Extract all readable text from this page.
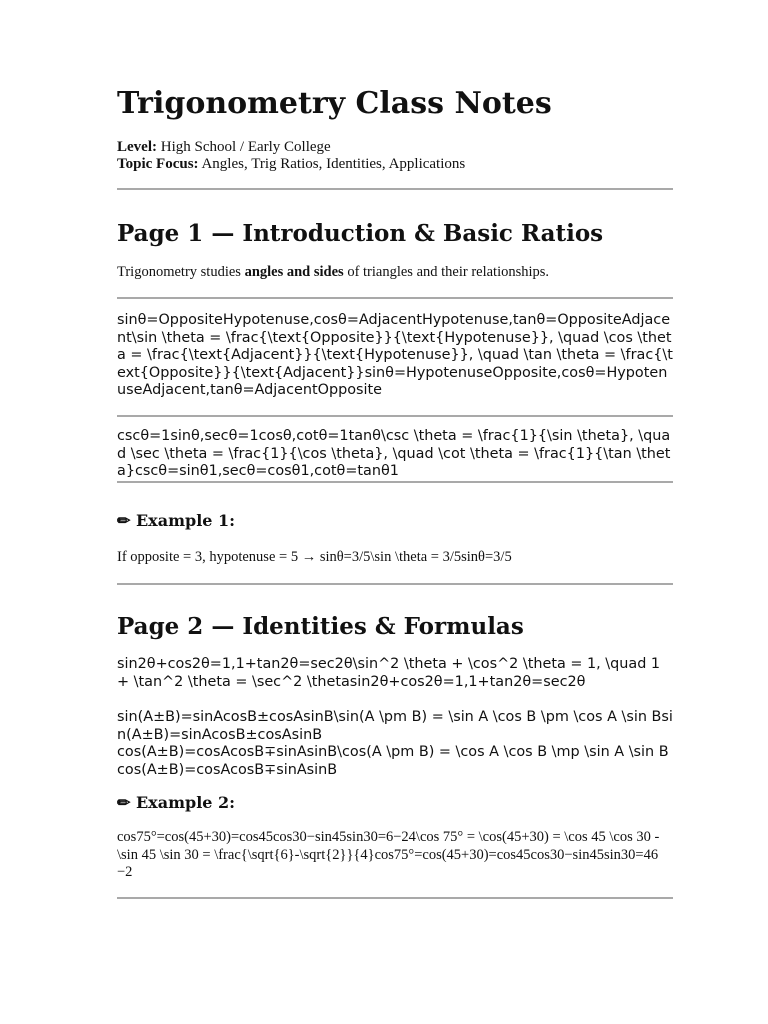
Trigonometry Class Notes
Level: High School / Early College
Topic Focus: Angles, Trig Ratios, Identities, Applications
Page 1 — Introduction & Basic Ratios
Trigonometry studies angles and sides of triangles and their relationships.
sinθ=OppositeHypotenuse,cosθ=AdjacentHypotenuse,tanθ=OppositeAdjacent\sin \theta = \frac{\text{Opposite}}{\text{Hypotenuse}}, \quad \cos \theta = \frac{\text{Adjacent}}{\text{Hypotenuse}}, \quad \tan \theta = \frac{\text{Opposite}}{\text{Adjacent}}sinθ=HypotenuseOpposite​,cosθ=HypotenuseAdjacent​,tanθ=AdjacentOpposite​
cscθ=1sinθ,secθ=1cosθ,cotθ=1tanθ\csc \theta = \frac{1}{\sin \theta}, \quad \sec \theta = \frac{1}{\cos \theta}, \quad \cot \theta = \frac{1}{\tan \theta}cscθ=sinθ1​,secθ=cosθ1​,cotθ=tanθ1​
✏ Example 1:
If opposite = 3, hypotenuse = 5 → sinθ=3/5\sin \theta = 3/5sinθ=3/5
Page 2 — Identities & Formulas
sin2θ+cos2θ=1,1+tan2θ=sec2θ\sin^2 \theta + \cos^2 \theta = 1, \quad 1 + \tan^2 \theta = \sec^2 \thetasin2θ+cos2θ=1,1+tan2θ=sec2θ
sin(A±B)=sinAcosB±cosAsinB\sin(A \pm B) = \sin A \cos B \pm \cos A \sin Bsin(A±B)=sinAcosB±cosAsinB
cos(A±B)=cosAcosB∓sinAsinB\cos(A \pm B) = \cos A \cos B \mp \sin A \sin Bcos(A±B)=cosAcosB∓sinAsinB
✏ Example 2:
cos75°=cos(45+30)=cos45cos30−sin45sin30=6−24\cos 75° = \cos(45+30) = \cos 45 \cos 30 - \sin 45 \sin 30 = \frac{\sqrt{6}-\sqrt{2}}{4}cos75°=cos(45+30)=cos45cos30−sin45sin30=46​−2​​
